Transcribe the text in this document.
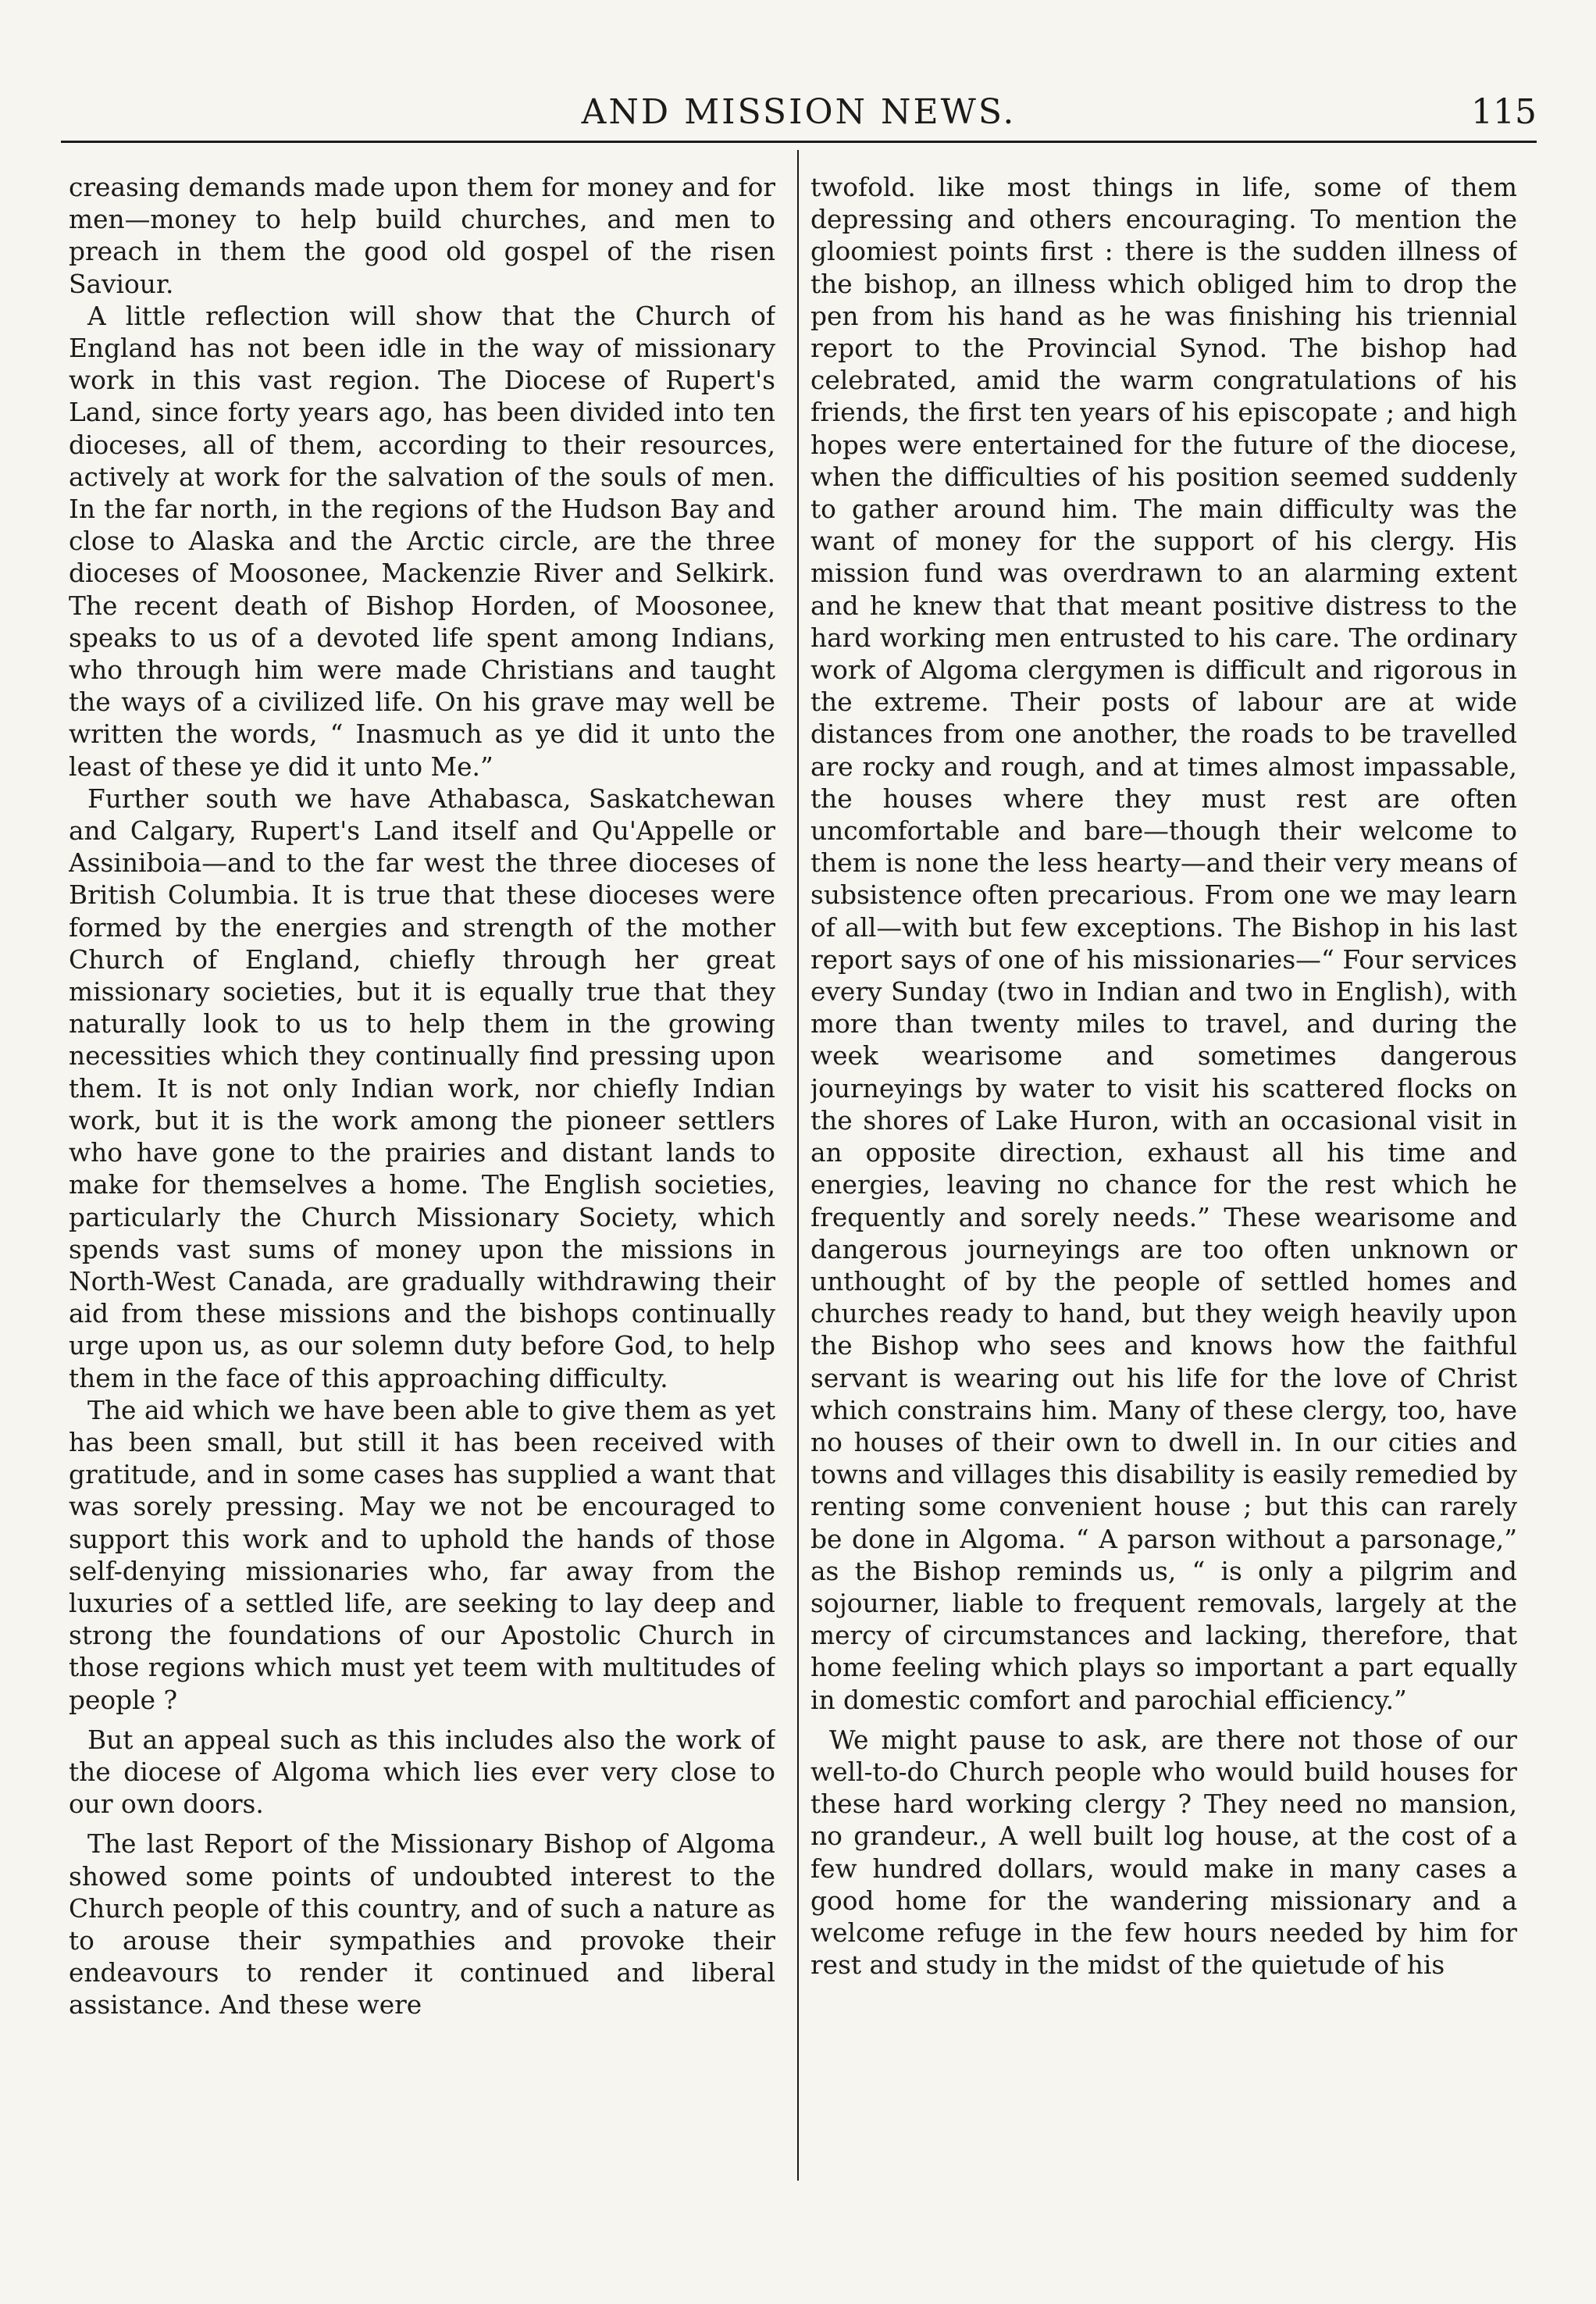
AND MISSION NEWS.	115

creasing demands made upon them for money and for men—money to help build churches, and men to preach in them the good old gospel of the risen Saviour.

A little reflection will show that the Church of England has not been idle in the way of missionary work in this vast region. The Diocese of Rupert's Land, since forty years ago, has been divided into ten dioceses, all of them, according to their resources, actively at work for the salvation of the souls of men. In the far north, in the regions of the Hudson Bay and close to Alaska and the Arctic circle, are the three dioceses of Moosonee, Mackenzie River and Selkirk. The recent death of Bishop Horden, of Moosonee, speaks to us of a devoted life spent among Indians, who through him were made Christians and taught the ways of a civilized life. On his grave may well be written the words, “ Inasmuch as ye did it unto the least of these ye did it unto Me.”

Further south we have Athabasca, Saskatchewan and Calgary, Rupert's Land itself and Qu'Appelle or Assiniboia—and to the far west the three dioceses of British Columbia. It is true that these dioceses were formed by the energies and strength of the mother Church of England, chiefly through her great missionary societies, but it is equally true that they naturally look to us to help them in the growing necessities which they continually find pressing upon them. It is not only Indian work, nor chiefly Indian work, but it is the work among the pioneer settlers who have gone to the prairies and distant lands to make for themselves a home. The English societies, particularly the Church Missionary Society, which spends vast sums of money upon the missions in North-West Canada, are gradually withdrawing their aid from these missions and the bishops continually urge upon us, as our solemn duty before God, to help them in the face of this approaching difficulty.

The aid which we have been able to give them as yet has been small, but still it has been received with gratitude, and in some cases has supplied a want that was sorely pressing. May we not be encouraged to support this work and to uphold the hands of those self-denying missionaries who, far away from the luxuries of a settled life, are seeking to lay deep and strong the foundations of our Apostolic Church in those regions which must yet teem with multitudes of people ?

But an appeal such as this includes also the work of the diocese of Algoma which lies ever very close to our own doors.

The last Report of the Missionary Bishop of Algoma showed some points of undoubted interest to the Church people of this country, and of such a nature as to arouse their sympathies and provoke their endeavours to render it continued and liberal assistance. And these were

twofold. like most things in life, some of them depressing and others encouraging. To mention the gloomiest points first : there is the sudden illness of the bishop, an illness which obliged him to drop the pen from his hand as he was finishing his triennial report to the Provincial Synod. The bishop had celebrated, amid the warm congratulations of his friends, the first ten years of his episcopate ; and high hopes were entertained for the future of the diocese, when the difficulties of his position seemed suddenly to gather around him. The main difficulty was the want of money for the support of his clergy. His mission fund was overdrawn to an alarming extent and he knew that that meant positive distress to the hard working men entrusted to his care. The ordinary work of Algoma clergymen is difficult and rigorous in the extreme. Their posts of labour are at wide distances from one another, the roads to be travelled are rocky and rough, and at times almost impassable, the houses where they must rest are often uncomfortable and bare—though their welcome to them is none the less hearty—and their very means of subsistence often precarious. From one we may learn of all—with but few exceptions. The Bishop in his last report says of one of his missionaries—“ Four services every Sunday (two in Indian and two in English), with more than twenty miles to travel, and during the week wearisome and sometimes dangerous journeyings by water to visit his scattered flocks on the shores of Lake Huron, with an occasional visit in an opposite direction, exhaust all his time and energies, leaving no chance for the rest which he frequently and sorely needs.” These wearisome and dangerous journeyings are too often unknown or unthought of by the people of settled homes and churches ready to hand, but they weigh heavily upon the Bishop who sees and knows how the faithful servant is wearing out his life for the love of Christ which constrains him. Many of these clergy, too, have no houses of their own to dwell in. In our cities and towns and villages this disability is easily remedied by renting some convenient house ; but this can rarely be done in Algoma. “ A parson without a parsonage,” as the Bishop reminds us, “ is only a pilgrim and sojourner, liable to frequent removals, largely at the mercy of circumstances and lacking, therefore, that home feeling which plays so important a part equally in domestic comfort and parochial efficiency.”

We might pause to ask, are there not those of our well-to-do Church people who would build houses for these hard working clergy ? They need no mansion, no grandeur., A well built log house, at the cost of a few hundred dollars, would make in many cases a good home for the wandering missionary and a welcome refuge in the few hours needed by him for rest and study in the midst of the quietude of his
